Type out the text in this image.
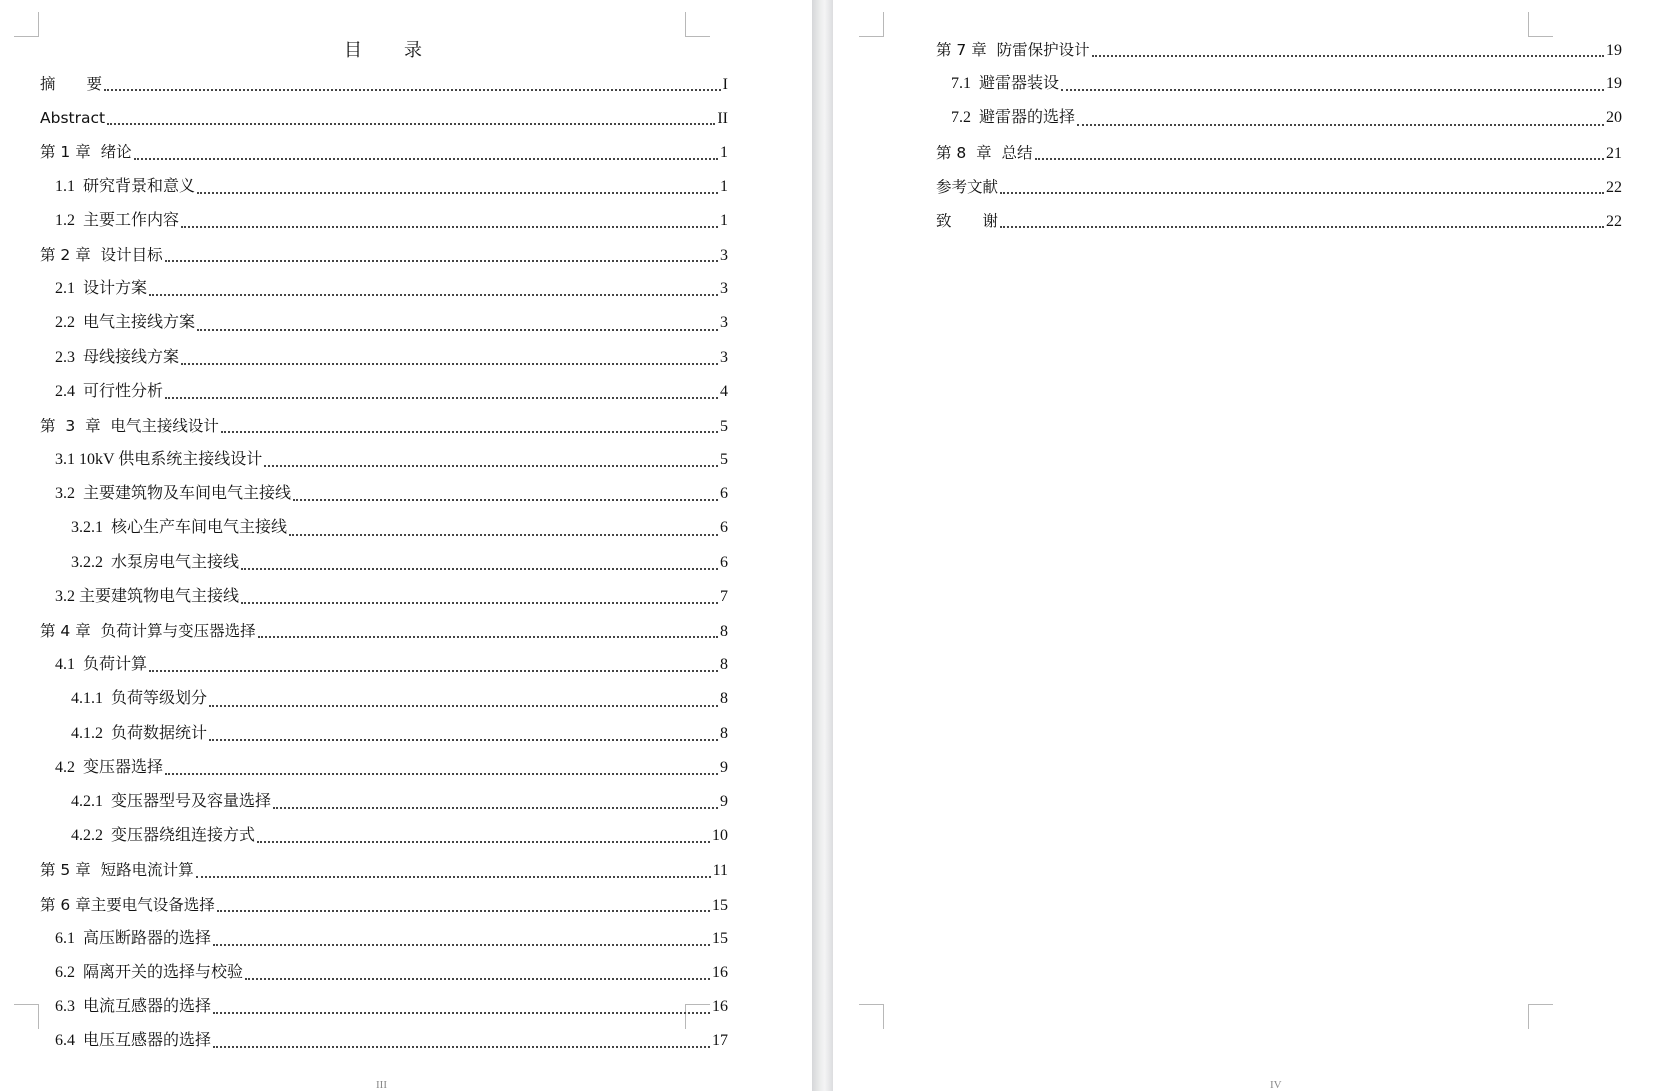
目　　录
摘　　要	I
Abstract	II
第 1 章  绪论	1
1.1  研究背景和意义	1
1.2  主要工作内容	1
第 2 章  设计目标	3
2.1  设计方案	3
2.2  电气主接线方案	3
2.3  母线接线方案	3
2.4  可行性分析	4
第  3  章  电气主接线设计	5
3.1 10kV 供电系统主接线设计	5
3.2  主要建筑物及车间电气主接线	6
3.2.1  核心生产车间电气主接线	6
3.2.2  水泵房电气主接线	6
3.2 主要建筑物电气主接线	7
第 4 章  负荷计算与变压器选择	8
4.1  负荷计算	8
4.1.1  负荷等级划分	8
4.1.2  负荷数据统计	8
4.2  变压器选择	9
4.2.1  变压器型号及容量选择	9
4.2.2  变压器绕组连接方式	10
第 5 章  短路电流计算	11
第 6 章主要电气设备选择	15
6.1  高压断路器的选择	15
6.2  隔离开关的选择与校验	16
6.3  电流互感器的选择	16
6.4  电压互感器的选择	17
第 7 章  防雷保护设计	19
7.1  避雷器装设	19
7.2  避雷器的选择	20
第 8  章  总结	21
参考文献	22
致　　谢	22
III	IV
